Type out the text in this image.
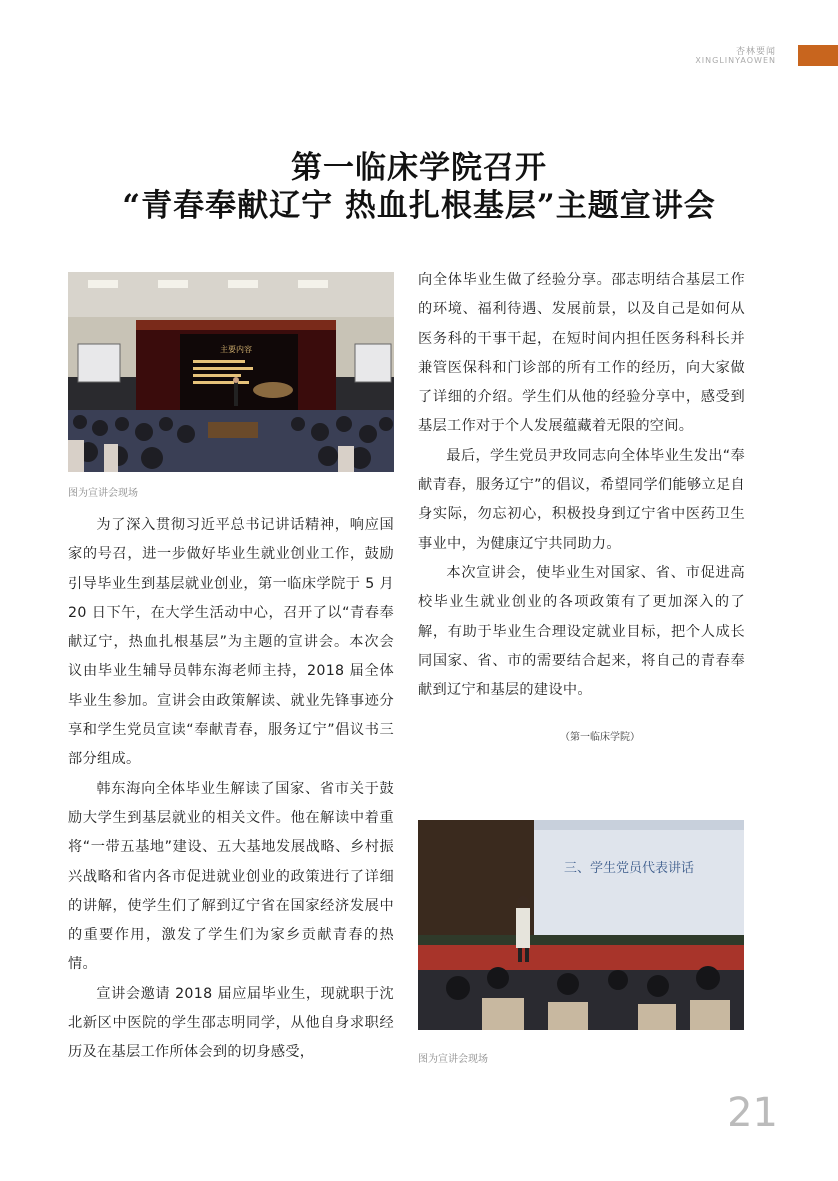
杏林要闻
XINGLINYAOWEN
第一临床学院召开
“青春奉献辽宁 热血扎根基层”主题宣讲会
主要内容
图为宣讲会现场

为了深入贯彻习近平总书记讲话精神，响应国家的号召，进一步做好毕业生就业创业工作，鼓励引导毕业生到基层就业创业，第一临床学院于 5 月 20 日下午，在大学生活动中心，召开了以“青春奉献辽宁，热血扎根基层”为主题的宣讲会。本次会议由毕业生辅导员韩东海老师主持，2018 届全体毕业生参加。宣讲会由政策解读、就业先锋事迹分享和学生党员宣读“奉献青春，服务辽宁”倡议书三部分组成。

韩东海向全体毕业生解读了国家、省市关于鼓励大学生到基层就业的相关文件。他在解读中着重将“一带五基地”建设、五大基地发展战略、乡村振兴战略和省内各市促进就业创业的政策进行了详细的讲解，使学生们了解到辽宁省在国家经济发展中的重要作用，激发了学生们为家乡贡献青春的热情。

宣讲会邀请 2018 届应届毕业生，现就职于沈北新区中医院的学生邵志明同学，从他自身求职经历及在基层工作所体会到的切身感受，

向全体毕业生做了经验分享。邵志明结合基层工作的环境、福利待遇、发展前景，以及自己是如何从医务科的干事干起，在短时间内担任医务科科长并兼管医保科和门诊部的所有工作的经历，向大家做了详细的介绍。学生们从他的经验分享中，感受到基层工作对于个人发展蕴藏着无限的空间。

最后，学生党员尹玫同志向全体毕业生发出“奉献青春，服务辽宁”的倡议，希望同学们能够立足自身实际，勿忘初心，积极投身到辽宁省中医药卫生事业中，为健康辽宁共同助力。

本次宣讲会，使毕业生对国家、省、市促进高校毕业生就业创业的各项政策有了更加深入的了解，有助于毕业生合理设定就业目标，把个人成长同国家、省、市的需要结合起来，将自己的青春奉献到辽宁和基层的建设中。

（第一临床学院）
三、学生党员代表讲话
图为宣讲会现场
21
